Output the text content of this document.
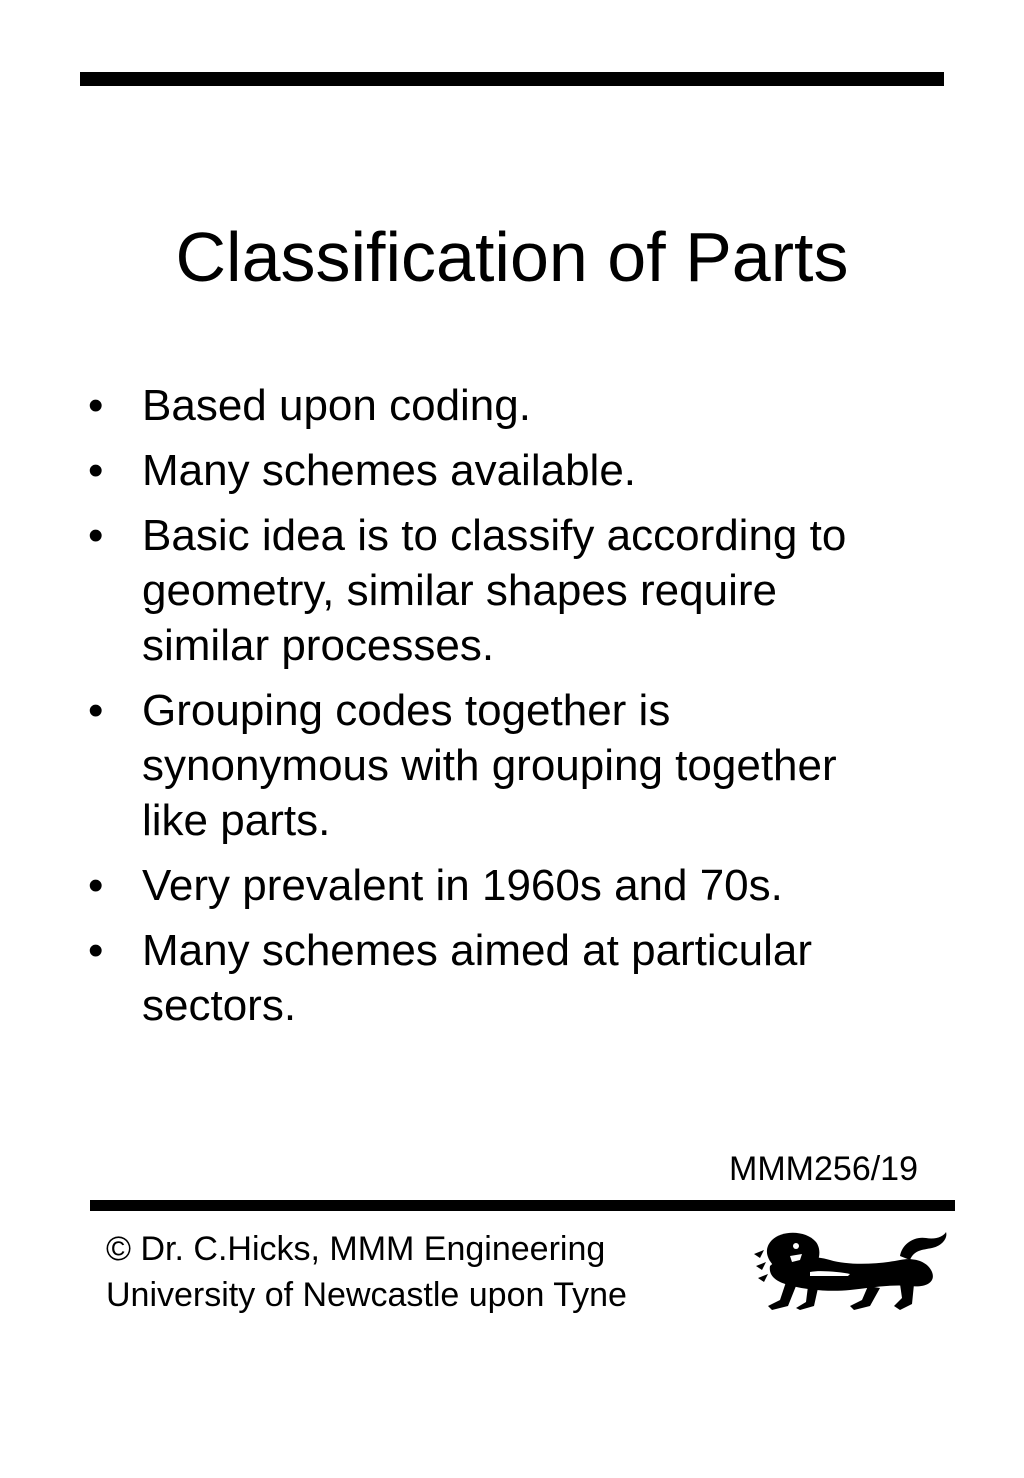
Classification of Parts
• Based upon coding.
• Many schemes available.
• Basic idea is to classify according to geometry, similar shapes require similar processes.
• Grouping codes together is synonymous with grouping together like parts.
• Very prevalent in 1960s and 70s.
• Many schemes aimed at particular sectors.
MMM256/19
© Dr. C.Hicks, MMM Engineering
University of Newcastle upon Tyne
